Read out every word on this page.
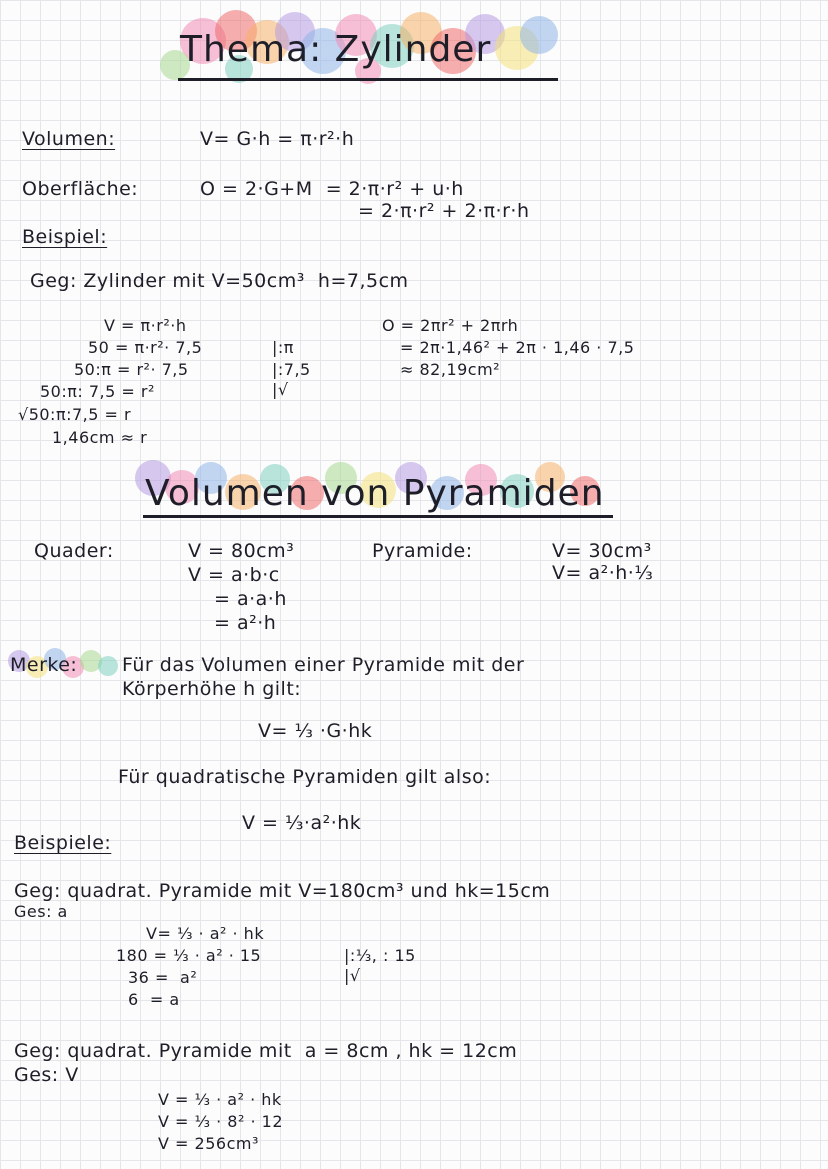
Thema: Zylinder
Volumen:	V= G·h = π·r²·h
Oberfläche:	O = 2·G+M  = 2·π·r² + u·h
= 2·π·r² + 2·π·r·h
Beispiel:
Geg: Zylinder mit V=50cm³  h=7,5cm
V = π·r²·h
50 = π·r²· 7,5
50:π = r²· 7,5
50:π: 7,5 = r²
√50:π:7,5 = r
1,46cm ≈ r
|:π
|:7,5
|√
O = 2πr² + 2πrh
= 2π·1,46² + 2π · 1,46 · 7,5
≈ 82,19cm²
Volumen von Pyramiden
Quader:	V = 80cm³
V = a·b·c
= a·a·h
= a²·h
Pyramide:	V= 30cm³
V= a²·h·⅓
Merke: Für das Volumen einer Pyramide mit der
Körperhöhe h gilt:
V= ⅓ ·G·hk
Für quadratische Pyramiden gilt also:
V = ⅓·a²·hk
Beispiele:
Geg: quadrat. Pyramide mit V=180cm³ und hk=15cm
Ges: a
V= ⅓ · a² · hk
180 = ⅓ · a² · 15
36 =  a²
6  = a
|:⅓, : 15
|√
Geg: quadrat. Pyramide mit  a = 8cm , hk = 12cm
Ges: V
V = ⅓ · a² · hk
V = ⅓ · 8² · 12
V = 256cm³
